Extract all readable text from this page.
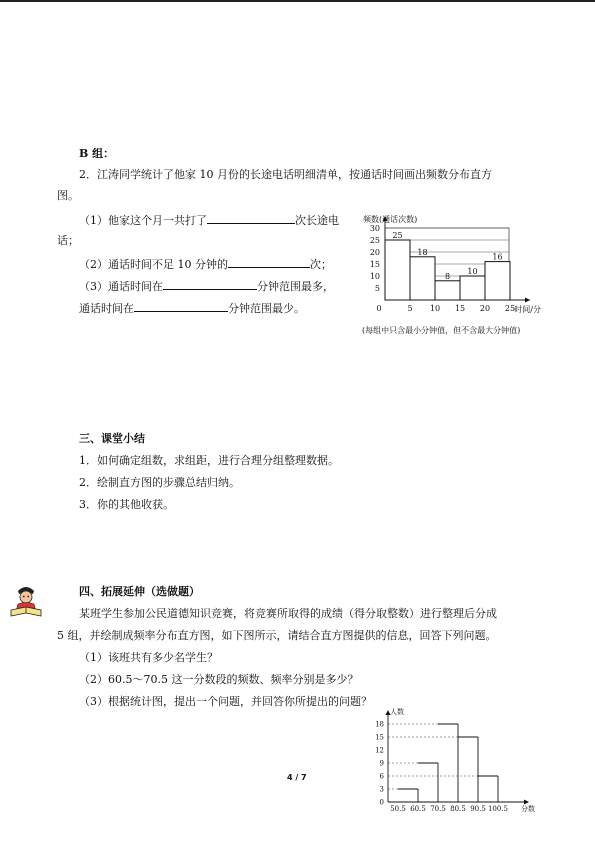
B 组：
2．江涛同学统计了他家 10 月份的长途电话明细清单，按通话时间画出频数分布直方
图。
（1）他家这个月一共打了	次长途电
话；
（2）通话时间不足 10 分钟的	次；
（3）通话时间在	分钟范围最多，
通话时间在	分钟范围最少。
5
10
15
20
25
30
25
18
8
10
16
5 10 15 20 25
0	时间/分
频数(通话次数)
(每组中只含最小分钟值，但不含最大分钟值)
三、课堂小结
1．如何确定组数，求组距，进行合理分组整理数据。
2．绘制直方图的步骤总结归纳。
3．你的其他收获。
四、拓展延伸（选做题）
某班学生参加公民道德知识竞赛，将竞赛所取得的成绩（得分取整数）进行整理后分成
5 组，并绘制成频率分布直方图，如下图所示，请结合直方图提供的信息，回答下列问题。
（1）该班共有多少名学生？
（2）60.5～70.5 这一分数段的频数、频率分别是多少？
（3）根据统计图，提出一个问题，并回答你所提出的问题？
3
6
9
12
15
18
0
人数
50.5 60.5 70.5 80.5 90.5 100.5 分数
4 / 7
